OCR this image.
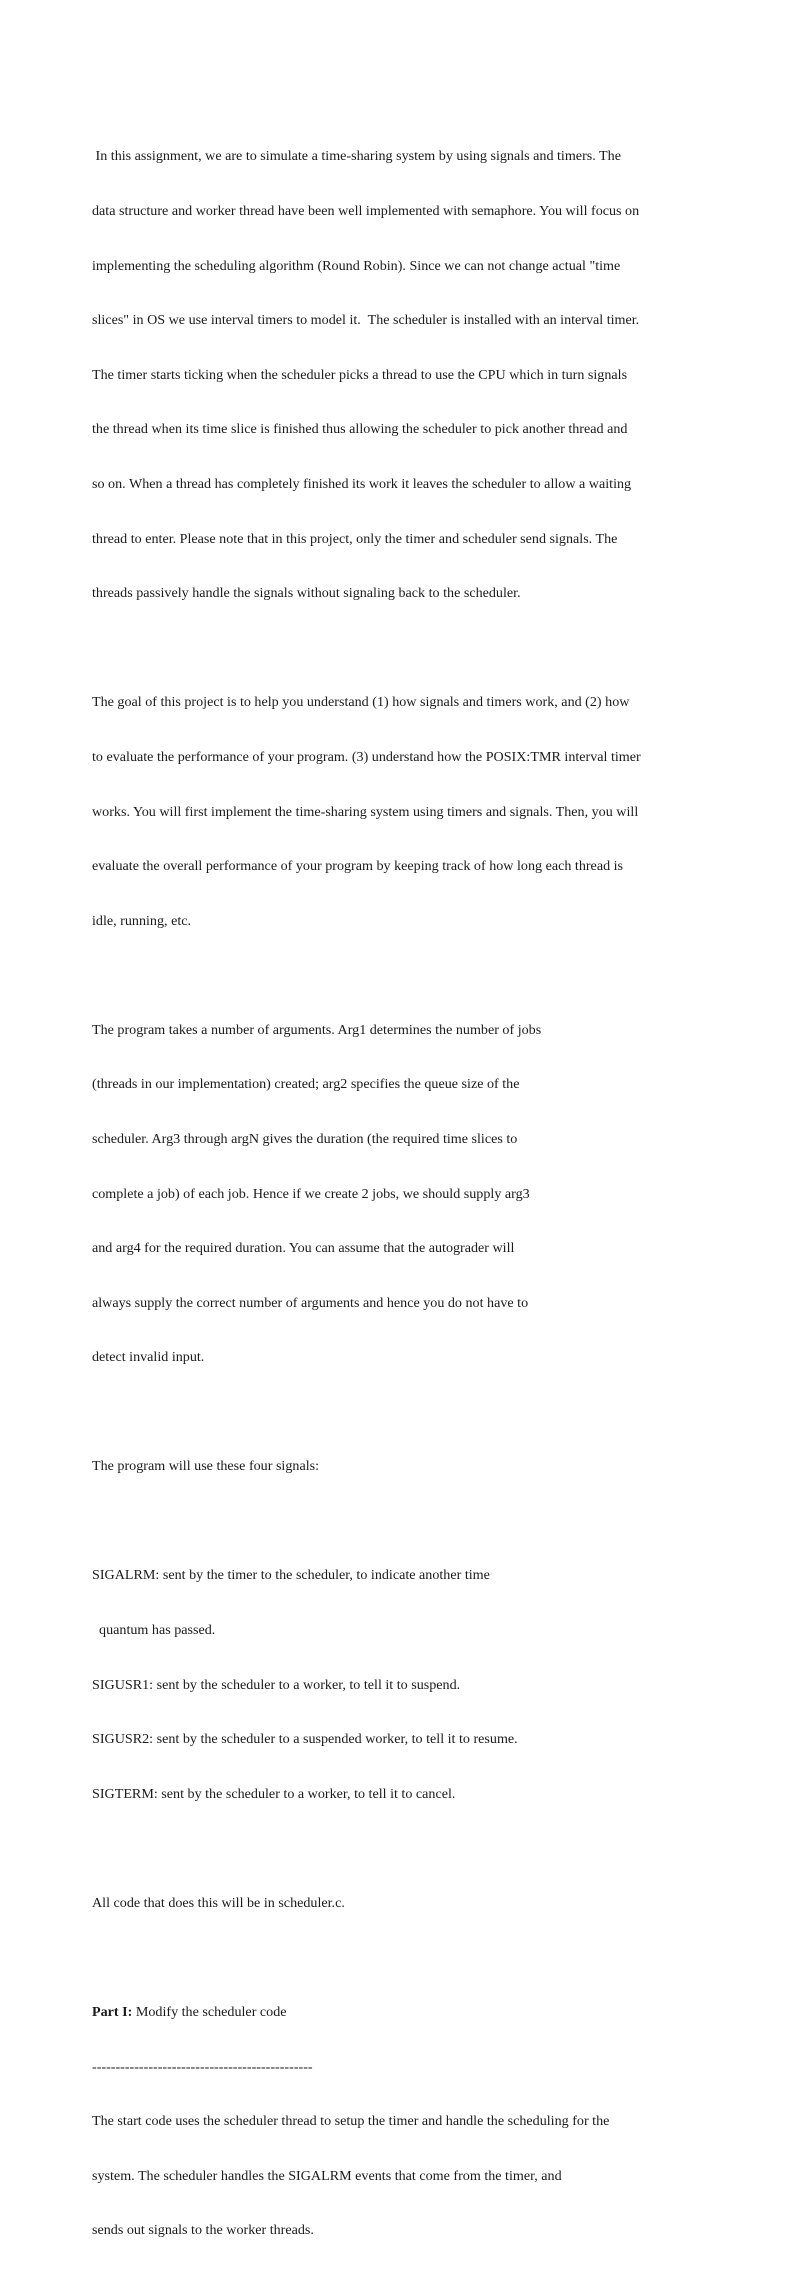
In this assignment, we are to simulate a time-sharing system by using signals and timers. The

data structure and worker thread have been well implemented with semaphore. You will focus on

implementing the scheduling algorithm (Round Robin). Since we can not change actual "time

slices" in OS we use interval timers to model it.  The scheduler is installed with an interval timer.

The timer starts ticking when the scheduler picks a thread to use the CPU which in turn signals

the thread when its time slice is finished thus allowing the scheduler to pick another thread and

so on. When a thread has completely finished its work it leaves the scheduler to allow a waiting

thread to enter. Please note that in this project, only the timer and scheduler send signals. The

threads passively handle the signals without signaling back to the scheduler.

The goal of this project is to help you understand (1) how signals and timers work, and (2) how

to evaluate the performance of your program. (3) understand how the POSIX:TMR interval timer

works. You will first implement the time-sharing system using timers and signals. Then, you will

evaluate the overall performance of your program by keeping track of how long each thread is

idle, running, etc.

The program takes a number of arguments. Arg1 determines the number of jobs

(threads in our implementation) created; arg2 specifies the queue size of the

scheduler. Arg3 through argN gives the duration (the required time slices to

complete a job) of each job. Hence if we create 2 jobs, we should supply arg3

and arg4 for the required duration. You can assume that the autograder will

always supply the correct number of arguments and hence you do not have to

detect invalid input.

The program will use these four signals:

SIGALRM: sent by the timer to the scheduler, to indicate another time

quantum has passed.

SIGUSR1: sent by the scheduler to a worker, to tell it to suspend.

SIGUSR2: sent by the scheduler to a suspended worker, to tell it to resume.

SIGTERM: sent by the scheduler to a worker, to tell it to cancel.

All code that does this will be in scheduler.c.

Part I: Modify the scheduler code

-----------------------------------------------

The start code uses the scheduler thread to setup the timer and handle the scheduling for the

system. The scheduler handles the SIGALRM events that come from the timer, and

sends out signals to the worker threads.
